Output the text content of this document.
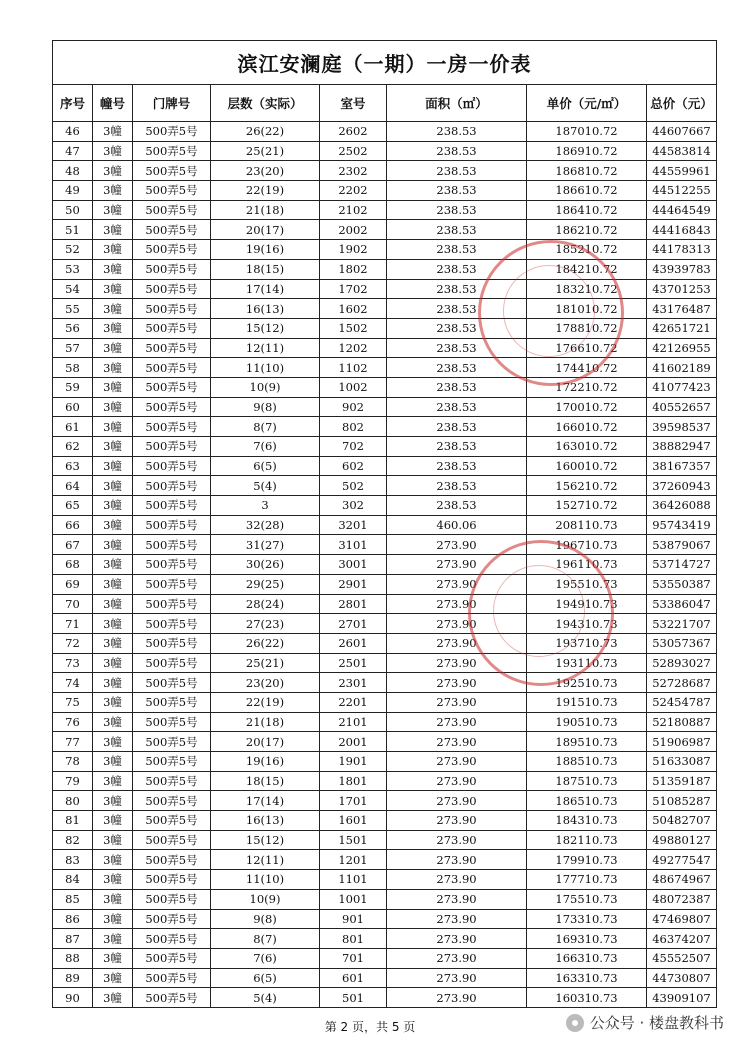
滨江安澜庭（一期）一房一价表							
序号	幢号	门牌号	层数（实际）	室号	面积（㎡）	单价（元/㎡）	总价（元）
46	3幢	500弄5号	26(22)	2602	238.53	187010.72	44607667
47	3幢	500弄5号	25(21)	2502	238.53	186910.72	44583814
48	3幢	500弄5号	23(20)	2302	238.53	186810.72	44559961
49	3幢	500弄5号	22(19)	2202	238.53	186610.72	44512255
50	3幢	500弄5号	21(18)	2102	238.53	186410.72	44464549
51	3幢	500弄5号	20(17)	2002	238.53	186210.72	44416843
52	3幢	500弄5号	19(16)	1902	238.53	185210.72	44178313
53	3幢	500弄5号	18(15)	1802	238.53	184210.72	43939783
54	3幢	500弄5号	17(14)	1702	238.53	183210.72	43701253
55	3幢	500弄5号	16(13)	1602	238.53	181010.72	43176487
56	3幢	500弄5号	15(12)	1502	238.53	178810.72	42651721
57	3幢	500弄5号	12(11)	1202	238.53	176610.72	42126955
58	3幢	500弄5号	11(10)	1102	238.53	174410.72	41602189
59	3幢	500弄5号	10(9)	1002	238.53	172210.72	41077423
60	3幢	500弄5号	9(8)	902	238.53	170010.72	40552657
61	3幢	500弄5号	8(7)	802	238.53	166010.72	39598537
62	3幢	500弄5号	7(6)	702	238.53	163010.72	38882947
63	3幢	500弄5号	6(5)	602	238.53	160010.72	38167357
64	3幢	500弄5号	5(4)	502	238.53	156210.72	37260943
65	3幢	500弄5号	3	302	238.53	152710.72	36426088
66	3幢	500弄5号	32(28)	3201	460.06	208110.73	95743419
67	3幢	500弄5号	31(27)	3101	273.90	196710.73	53879067
68	3幢	500弄5号	30(26)	3001	273.90	196110.73	53714727
69	3幢	500弄5号	29(25)	2901	273.90	195510.73	53550387
70	3幢	500弄5号	28(24)	2801	273.90	194910.73	53386047
71	3幢	500弄5号	27(23)	2701	273.90	194310.73	53221707
72	3幢	500弄5号	26(22)	2601	273.90	193710.73	53057367
73	3幢	500弄5号	25(21)	2501	273.90	193110.73	52893027
74	3幢	500弄5号	23(20)	2301	273.90	192510.73	52728687
75	3幢	500弄5号	22(19)	2201	273.90	191510.73	52454787
76	3幢	500弄5号	21(18)	2101	273.90	190510.73	52180887
77	3幢	500弄5号	20(17)	2001	273.90	189510.73	51906987
78	3幢	500弄5号	19(16)	1901	273.90	188510.73	51633087
79	3幢	500弄5号	18(15)	1801	273.90	187510.73	51359187
80	3幢	500弄5号	17(14)	1701	273.90	186510.73	51085287
81	3幢	500弄5号	16(13)	1601	273.90	184310.73	50482707
82	3幢	500弄5号	15(12)	1501	273.90	182110.73	49880127
83	3幢	500弄5号	12(11)	1201	273.90	179910.73	49277547
84	3幢	500弄5号	11(10)	1101	273.90	177710.73	48674967
85	3幢	500弄5号	10(9)	1001	273.90	175510.73	48072387
86	3幢	500弄5号	9(8)	901	273.90	173310.73	47469807
87	3幢	500弄5号	8(7)	801	273.90	169310.73	46374207
88	3幢	500弄5号	7(6)	701	273.90	166310.73	45552507
89	3幢	500弄5号	6(5)	601	273.90	163310.73	44730807
90	3幢	500弄5号	5(4)	501	273.90	160310.73	43909107
第 2 页，共 5 页	公众号 · 楼盘教科书
